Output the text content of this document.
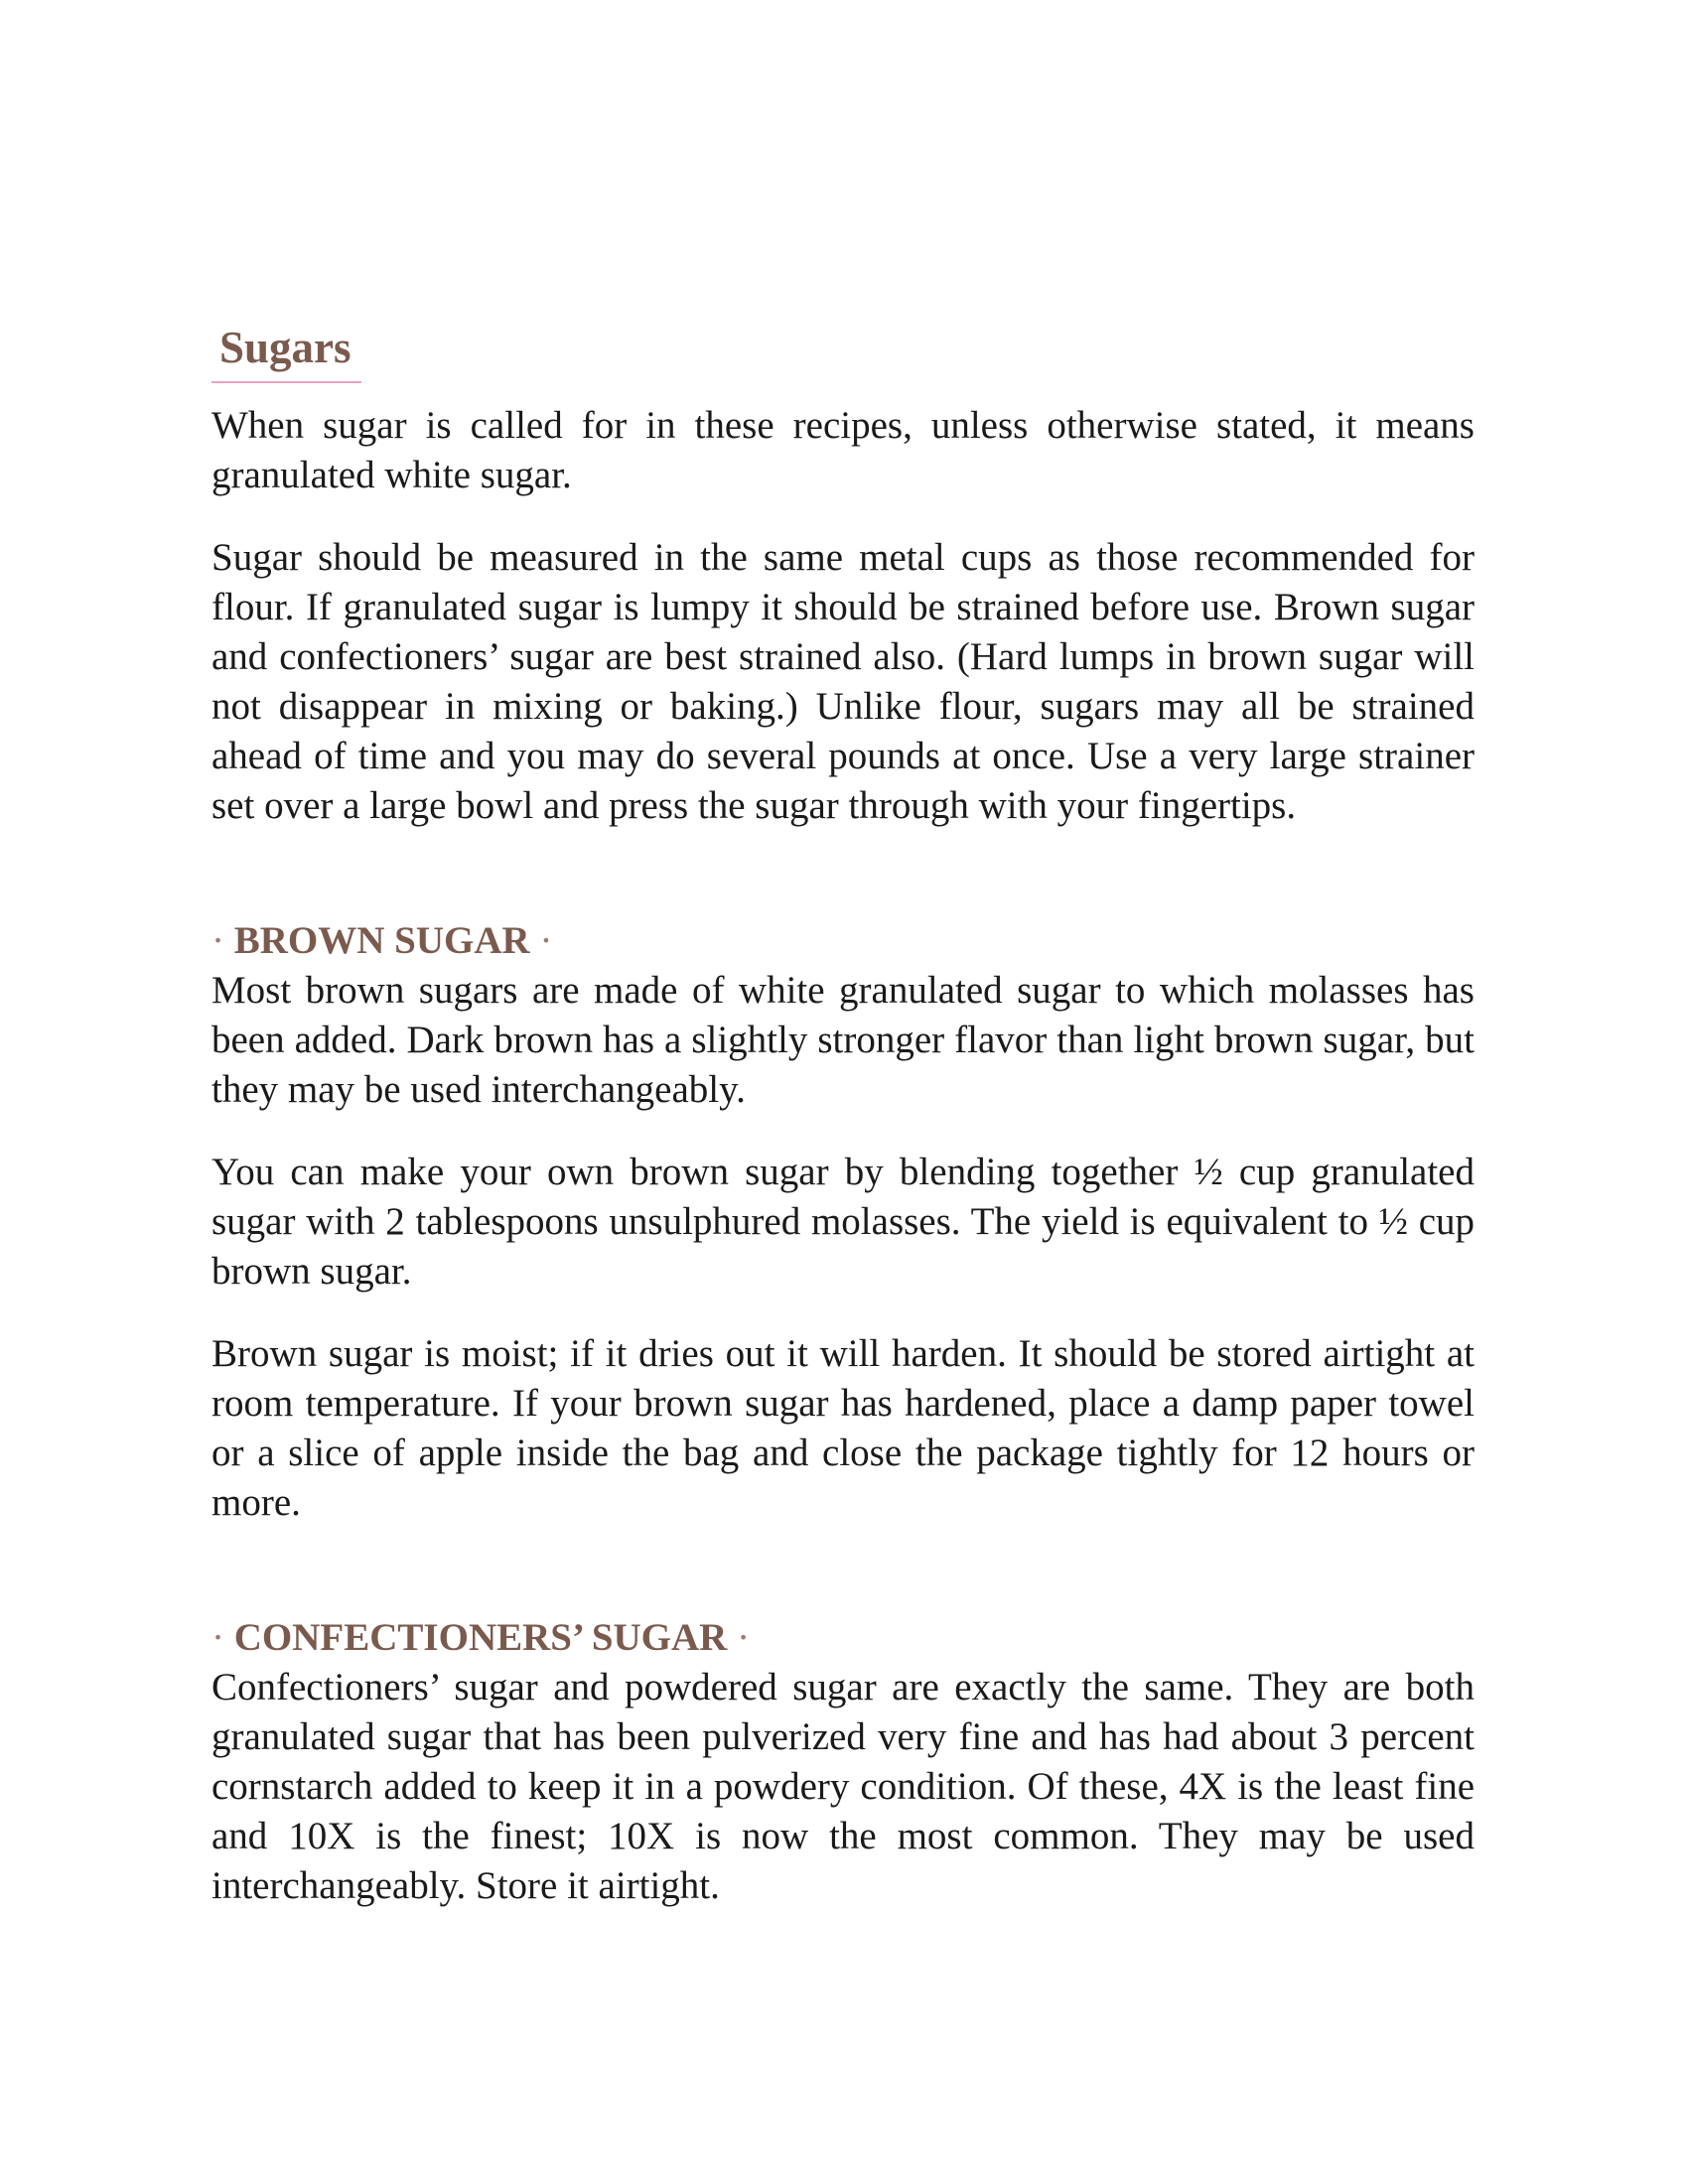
Sugars

When sugar is called for in these recipes, unless otherwise stated, it means granulated white sugar.

Sugar should be measured in the same metal cups as those recommended for flour. If granulated sugar is lumpy it should be strained before use. Brown sugar and confectioners’ sugar are best strained also. (Hard lumps in brown sugar will not disappear in mixing or baking.) Unlike flour, sugars may all be strained ahead of time and you may do several pounds at once. Use a very large strainer set over a large bowl and press the sugar through with your fingertips.

· BROWN SUGAR ·

Most brown sugars are made of white granulated sugar to which molasses has been added. Dark brown has a slightly stronger flavor than light brown sugar, but they may be used interchangeably.

You can make your own brown sugar by blending together ½ cup granulated sugar with 2 tablespoons unsulphured molasses. The yield is equivalent to ½ cup brown sugar.

Brown sugar is moist; if it dries out it will harden. It should be stored airtight at room temperature. If your brown sugar has hardened, place a damp paper towel or a slice of apple inside the bag and close the package tightly for 12 hours or more.

· CONFECTIONERS’ SUGAR ·

Confectioners’ sugar and powdered sugar are exactly the same. They are both granulated sugar that has been pulverized very fine and has had about 3 percent cornstarch added to keep it in a powdery condition. Of these, 4X is the least fine and 10X is the finest; 10X is now the most common. They may be used interchangeably. Store it airtight.
